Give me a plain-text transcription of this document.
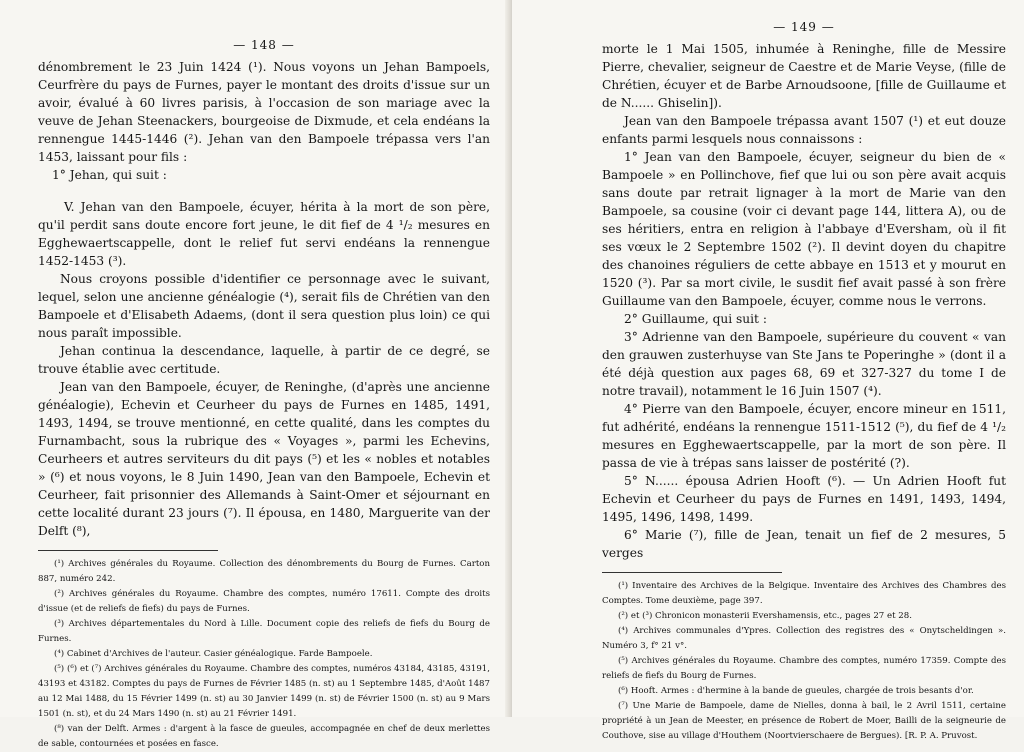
— 148 —

dénombrement le 23 Juin 1424 (¹). Nous voyons un Jehan Bampoels, Ceurfrère du pays de Furnes, payer le montant des droits d'issue sur un avoir, évalué à 60 livres parisis, à l'occasion de son mariage avec la veuve de Jehan Steenackers, bourgeoise de Dixmude, et cela endéans la rennengue 1445-1446 (²). Jehan van den Bampoele trépassa vers l'an 1453, laissant pour fils :

1° Jehan, qui suit :

V. Jehan van den Bampoele, écuyer, hérita à la mort de son père, qu'il perdit sans doute encore fort jeune, le dit fief de 4 ¹/₂ mesures en Egghewaertscappelle, dont le relief fut servi endéans la rennengue 1452-1453 (³).

Nous croyons possible d'identifier ce personnage avec le suivant, lequel, selon une ancienne généalogie (⁴), serait fils de Chrétien van den Bampoele et d'Elisabeth Adaems, (dont il sera question plus loin) ce qui nous paraît impossible.

Jehan continua la descendance, laquelle, à partir de ce degré, se trouve établie avec certitude.

Jean van den Bampoele, écuyer, de Reninghe, (d'après une ancienne généalogie), Echevin et Ceurheer du pays de Furnes en 1485, 1491, 1493, 1494, se trouve mentionné, en cette qualité, dans les comptes du Furnambacht, sous la rubrique des « Voyages », parmi les Echevins, Ceurheers et autres serviteurs du dit pays (⁵) et les « nobles et notables » (⁶) et nous voyons, le 8 Juin 1490, Jean van den Bampoele, Echevin et Ceurheer, fait prisonnier des Allemands à Saint-Omer et séjournant en cette localité durant 23 jours (⁷). Il épousa, en 1480, Marguerite van der Delft (⁸),

(¹) Archives générales du Royaume. Collection des dénombrements du Bourg de Furnes. Carton 887, numéro 242.

(²) Archives générales du Royaume. Chambre des comptes, numéro 17611. Compte des droits d'issue (et de reliefs de fiefs) du pays de Furnes.

(³) Archives départementales du Nord à Lille. Document copie des reliefs de fiefs du Bourg de Furnes.

(⁴) Cabinet d'Archives de l'auteur. Casier généalogique. Farde Bampoele.

(⁵) (⁶) et (⁷) Archives générales du Royaume. Chambre des comptes, numéros 43184, 43185, 43191, 43193 et 43182. Comptes du pays de Furnes de Février 1485 (n. st) au 1 Septembre 1485, d'Août 1487 au 12 Mai 1488, du 15 Février 1499 (n. st) au 30 Janvier 1499 (n. st) de Février 1500 (n. st) au 9 Mars 1501 (n. st), et du 24 Mars 1490 (n. st) au 21 Février 1491.

(⁸) van der Delft. Armes : d'argent à la fasce de gueules, accompagnée en chef de deux merlettes de sable, contournées et posées en fasce.

— 149 —

morte le 1 Mai 1505, inhumée à Reninghe, fille de Messire Pierre, chevalier, seigneur de Caestre et de Marie Veyse, (fille de Chrétien, écuyer et de Barbe Arnoudsoone, [fille de Guillaume et de N...... Ghiselin]).

Jean van den Bampoele trépassa avant 1507 (¹) et eut douze enfants parmi lesquels nous connaissons :

1° Jean van den Bampoele, écuyer, seigneur du bien de « Bampoele » en Pollinchove, fief que lui ou son père avait acquis sans doute par retrait lignager à la mort de Marie van den Bampoele, sa cousine (voir ci devant page 144, littera A), ou de ses héritiers, entra en religion à l'abbaye d'Eversham, où il fit ses vœux le 2 Septembre 1502 (²). Il devint doyen du chapitre des chanoines réguliers de cette abbaye en 1513 et y mourut en 1520 (³). Par sa mort civile, le susdit fief avait passé à son frère Guillaume van den Bampoele, écuyer, comme nous le verrons.

2° Guillaume, qui suit :

3° Adrienne van den Bampoele, supérieure du couvent « van den grauwen zusterhuyse van Ste Jans te Poperinghe » (dont il a été déjà question aux pages 68, 69 et 327-327 du tome I de notre travail), notamment le 16 Juin 1507 (⁴).

4° Pierre van den Bampoele, écuyer, encore mineur en 1511, fut adhérité, endéans la rennengue 1511-1512 (⁵), du fief de 4 ¹/₂ mesures en Egghewaertscappelle, par la mort de son père. Il passa de vie à trépas sans laisser de postérité (?).

5° N...... épousa Adrien Hooft (⁶). — Un Adrien Hooft fut Echevin et Ceurheer du pays de Furnes en 1491, 1493, 1494, 1495, 1496, 1498, 1499.

6° Marie (⁷), fille de Jean, tenait un fief de 2 mesures, 5 verges

(¹) Inventaire des Archives de la Belgique. Inventaire des Archives des Chambres des Comptes. Tome deuxième, page 397.

(²) et (³) Chronicon monasterii Evershamensis, etc., pages 27 et 28.

(⁴) Archives communales d'Ypres. Collection des registres des « Onytscheldingen ». Numéro 3, f° 21 v°.

(⁵) Archives générales du Royaume. Chambre des comptes, numéro 17359. Compte des reliefs de fiefs du Bourg de Furnes.

(⁶) Hooft. Armes : d'hermine à la bande de gueules, chargée de trois besants d'or.

(⁷) Une Marie de Bampoele, dame de Nielles, donna à bail, le 2 Avril 1511, certaine propriété à un Jean de Meester, en présence de Robert de Moer, Bailli de la seigneurie de Couthove, sise au village d'Houthem (Noortvierschaere de Bergues). [R. P. A. Pruvost.
